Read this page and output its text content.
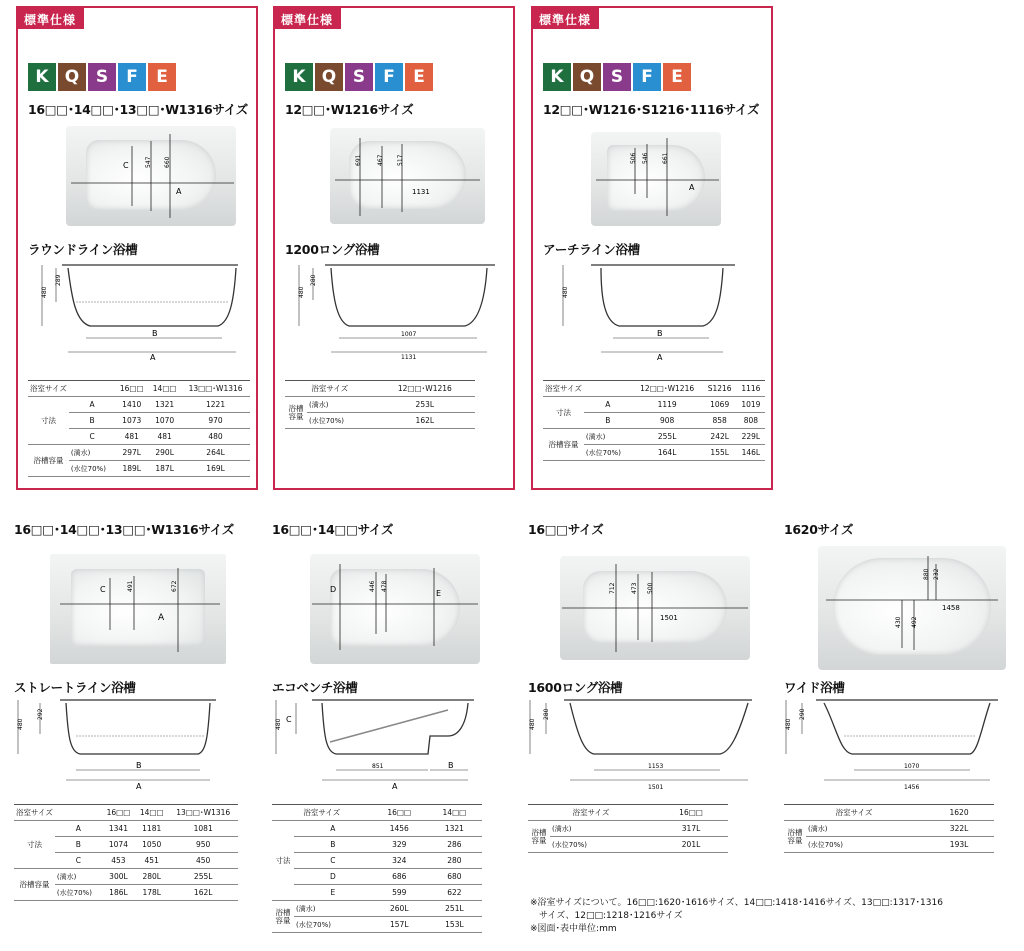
標準仕様
K Q S	F	E
16□□･14□□･13□□･W1316サイズ
C	547 660
A
ラウンドライン浴槽
480
289
B
A
浴室サイズ		16□□	14□□	13□□･W1316
寸法	A	1410	1321	1221
	B	1073	1070	970
	C	481	481	480
浴槽容量	(満水)	297L	290L	264L
	(水位70%)	189L	187L	169L
標準仕様
K Q S	F	E
12□□･W1216サイズ
691	467 517
1131
1200ロング浴槽
480
280
1007
1131
浴室サイズ		12□□･W1216
浴槽容量	(満水)	253L
	(水位70%)	162L
標準仕様
K Q S	F	E
12□□･W1216･S1216･1116サイズ
506 546 661
A
アーチライン浴槽
480
B
A
浴室サイズ		12□□･W1216	S1216	1116
寸法	A	1119	1069	1019
	B	908	858	808
浴槽容量	(満水)	255L	242L	229L
	(水位70%)	164L	155L	146L
16□□･14□□･13□□･W1316サイズ
C	491	672
A
ストレートライン浴槽
480
292
B
A
浴室サイズ		16□□	14□□	13□□･W1316
寸法	A	1341	1181	1081
	B	1074	1050	950
	C	453	451	450
浴槽容量	(満水)	300L	280L	255L
	(水位70%)	186L	178L	162L
16□□･14□□サイズ
D	446 478
E
エコベンチ浴槽
480 C
851	B
A
浴室サイズ		16□□	14□□
寸法	A	1456	1321
	B	329	286
	C	324	280
	D	686	680
	E	599	622
浴槽容量	(満水)	260L	251L
	(水位70%)	157L	153L
16□□サイズ
712	473 500
1501
1600ロング浴槽
480
280
1153
1501
浴室サイズ		16□□
浴槽容量	(満水)	317L
	(水位70%)	201L
1620サイズ
430 492
880
1458
232
ワイド浴槽
480
290
1070
1456
浴室サイズ		1620
浴槽容量	(満水)	322L
	(水位70%)	193L
※浴室サイズについて。16□□:1620･1616サイズ、14□□:1418･1416サイズ、13□□:1317･1316
　サイズ、12□□:1218･1216サイズ
※図面･表中単位:mm
